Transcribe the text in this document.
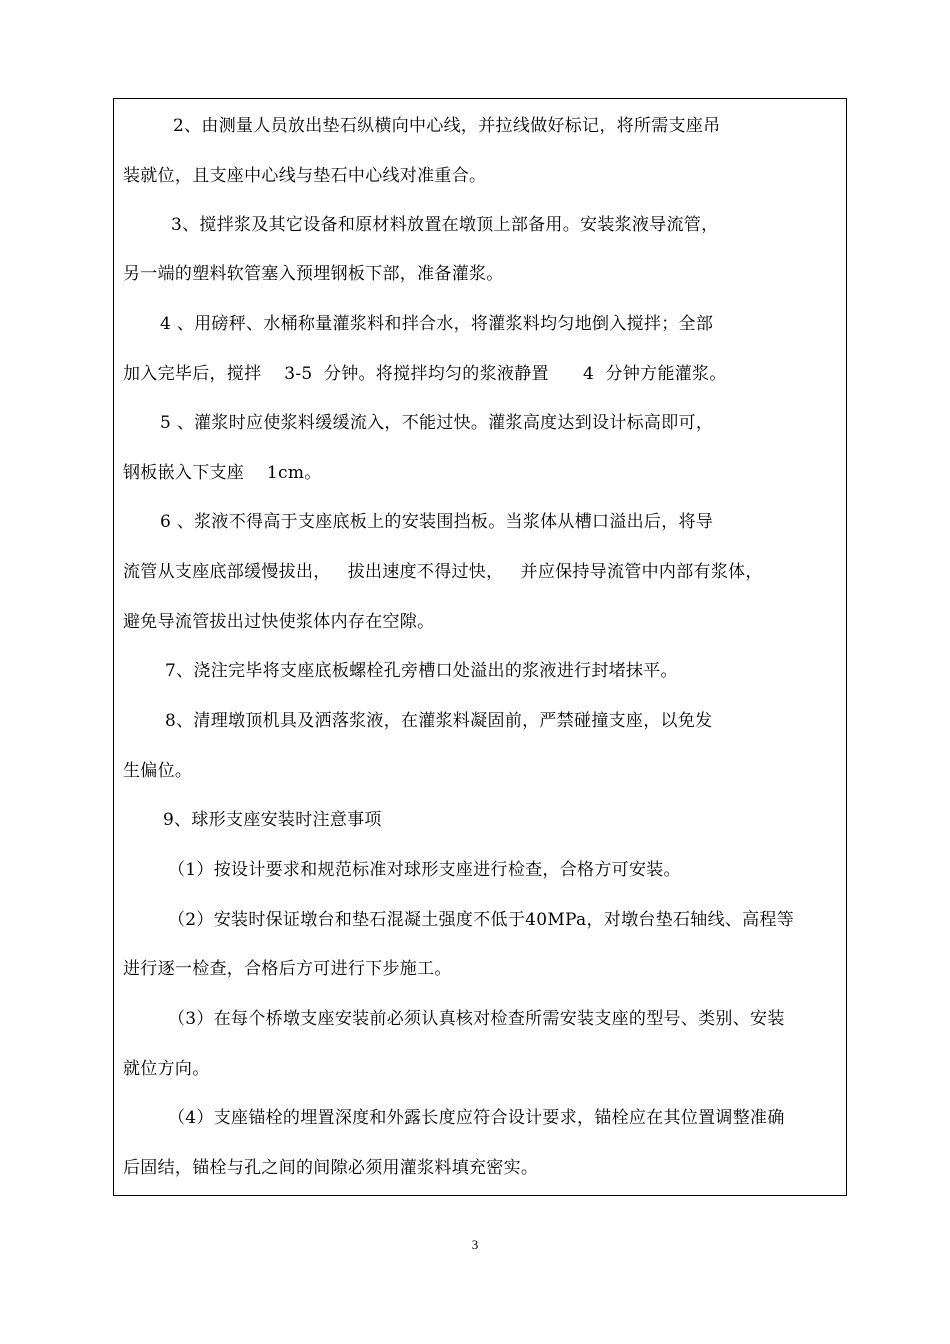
2、由测量人员放出垫石纵横向中心线，并拉线做好标记，将所需支座吊
装就位，且支座中心线与垫石中心线对准重合。
3、搅拌浆及其它设备和原材料放置在墩顶上部备用。安装浆液导流管，
另一端的塑料软管塞入预埋钢板下部，准备灌浆。
4 、用磅秤、水桶称量灌浆料和拌合水，将灌浆料均匀地倒入搅拌；全部
加入完毕后，搅拌    3-5  分钟。将搅拌均匀的浆液静置      4  分钟方能灌浆。
5 、灌浆时应使浆料缓缓流入，不能过快。灌浆高度达到设计标高即可，
钢板嵌入下支座    1cm。
6 、浆液不得高于支座底板上的安装围挡板。当浆体从槽口溢出后，将导
流管从支座底部缓慢拔出，   拔出速度不得过快，   并应保持导流管中内部有浆体，
避免导流管拔出过快使浆体内存在空隙。
7、浇注完毕将支座底板螺栓孔旁槽口处溢出的浆液进行封堵抹平。
8、清理墩顶机具及洒落浆液，在灌浆料凝固前，严禁碰撞支座，以免发
生偏位。
9、球形支座安装时注意事项
（1）按设计要求和规范标准对球形支座进行检查，合格方可安装。
（2）安装时保证墩台和垫石混凝土强度不低于40MPa，对墩台垫石轴线、高程等
进行逐一检查，合格后方可进行下步施工。
（3）在每个桥墩支座安装前必须认真核对检查所需安装支座的型号、类别、安装
就位方向。
（4）支座锚栓的埋置深度和外露长度应符合设计要求，锚栓应在其位置调整准确
后固结，锚栓与孔之间的间隙必须用灌浆料填充密实。
3
